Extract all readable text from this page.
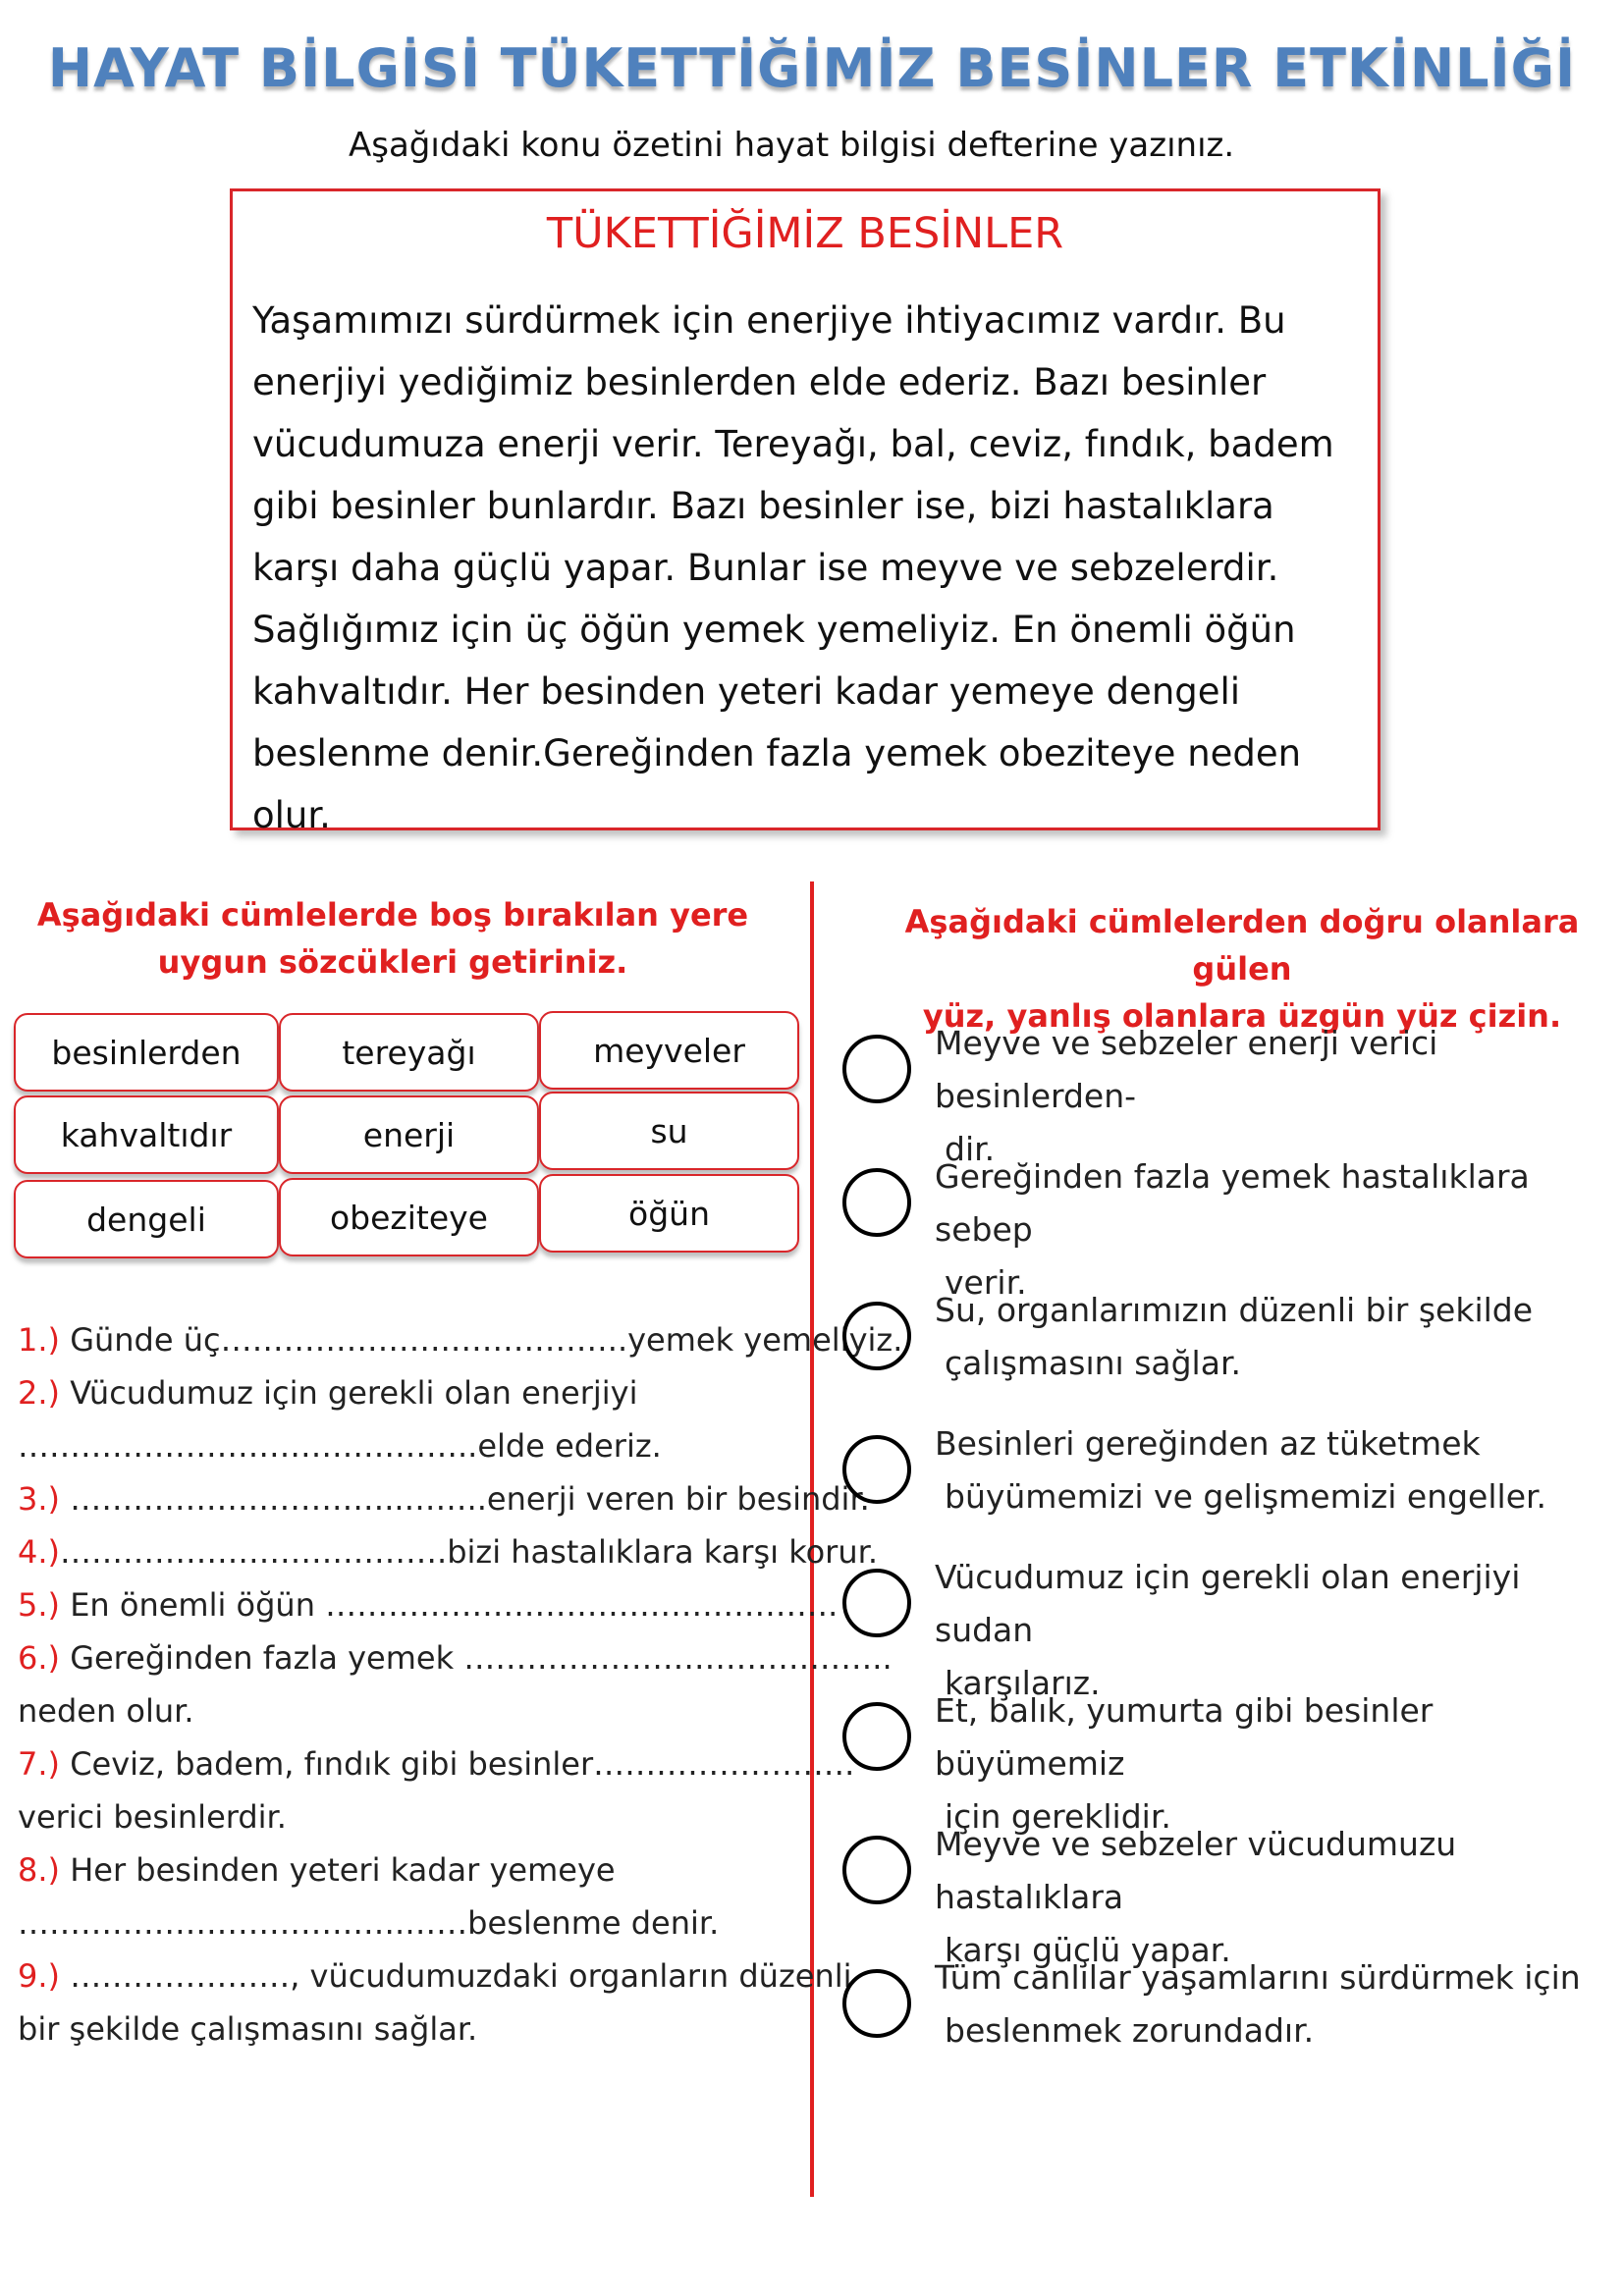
HAYAT BİLGİSİ TÜKETTİĞİMİZ BESİNLER ETKİNLİĞİ
Aşağıdaki konu özetini hayat bilgisi defterine yazınız.
TÜKETTİĞİMİZ BESİNLER
Yaşamımızı sürdürmek için enerjiye ihtiyacımız vardır. Bu
enerjiyi yediğimiz besinlerden elde ederiz. Bazı besinler
vücudumuza enerji verir. Tereyağı, bal, ceviz, fındık, badem
gibi besinler bunlardır. Bazı besinler ise, bizi hastalıklara
karşı daha güçlü yapar. Bunlar ise meyve ve sebzelerdir.
Sağlığımız için üç öğün yemek yemeliyiz. En önemli öğün
kahvaltıdır. Her besinden yeteri kadar yemeye dengeli
beslenme denir.Gereğinden fazla yemek obeziteye neden olur.
Aşağıdaki cümlelerde boş bırakılan yere
uygun sözcükleri getiriniz.
besinlerden	tereyağı	meyveler
kahvaltıdır	enerji	su
dengeli	obeziteye	öğün
1.) Günde üç………………….……………..yemek yemeliyiz.
2.) Vücudumuz için gerekli olan enerjiyi
……………………………………..elde ederiz.
3.) …………………………..……..enerji veren bir besindir.
4.)……………………………….bizi hastalıklara karşı korur.
5.) En önemli öğün ………………………………………….
6.) Gereğinden fazla yemek …………………………………..
neden olur.
7.) Ceviz, badem, fındık gibi besinler…………………….
verici besinlerdir.
8.) Her besinden yeteri kadar yemeye
……………………………….……beslenme denir.
9.) …………………, vücudumuzdaki organların düzenli
bir şekilde çalışmasını sağlar.
Aşağıdaki cümlelerden doğru olanlara gülen
yüz, yanlış olanlara üzgün yüz çizin.
Meyve ve sebzeler enerji verici besinlerden-
dir.
Gereğinden fazla yemek hastalıklara sebep
verir.
Su, organlarımızın düzenli bir şekilde
çalışmasını sağlar.
Besinleri gereğinden az tüketmek
büyümemizi ve gelişmemizi engeller.
Vücudumuz için gerekli olan enerjiyi sudan
karşılarız.
Et, balık, yumurta gibi besinler büyümemiz
için gereklidir.
Meyve ve sebzeler vücudumuzu hastalıklara
karşı güçlü yapar.
Tüm canlılar yaşamlarını sürdürmek için
beslenmek zorundadır.
